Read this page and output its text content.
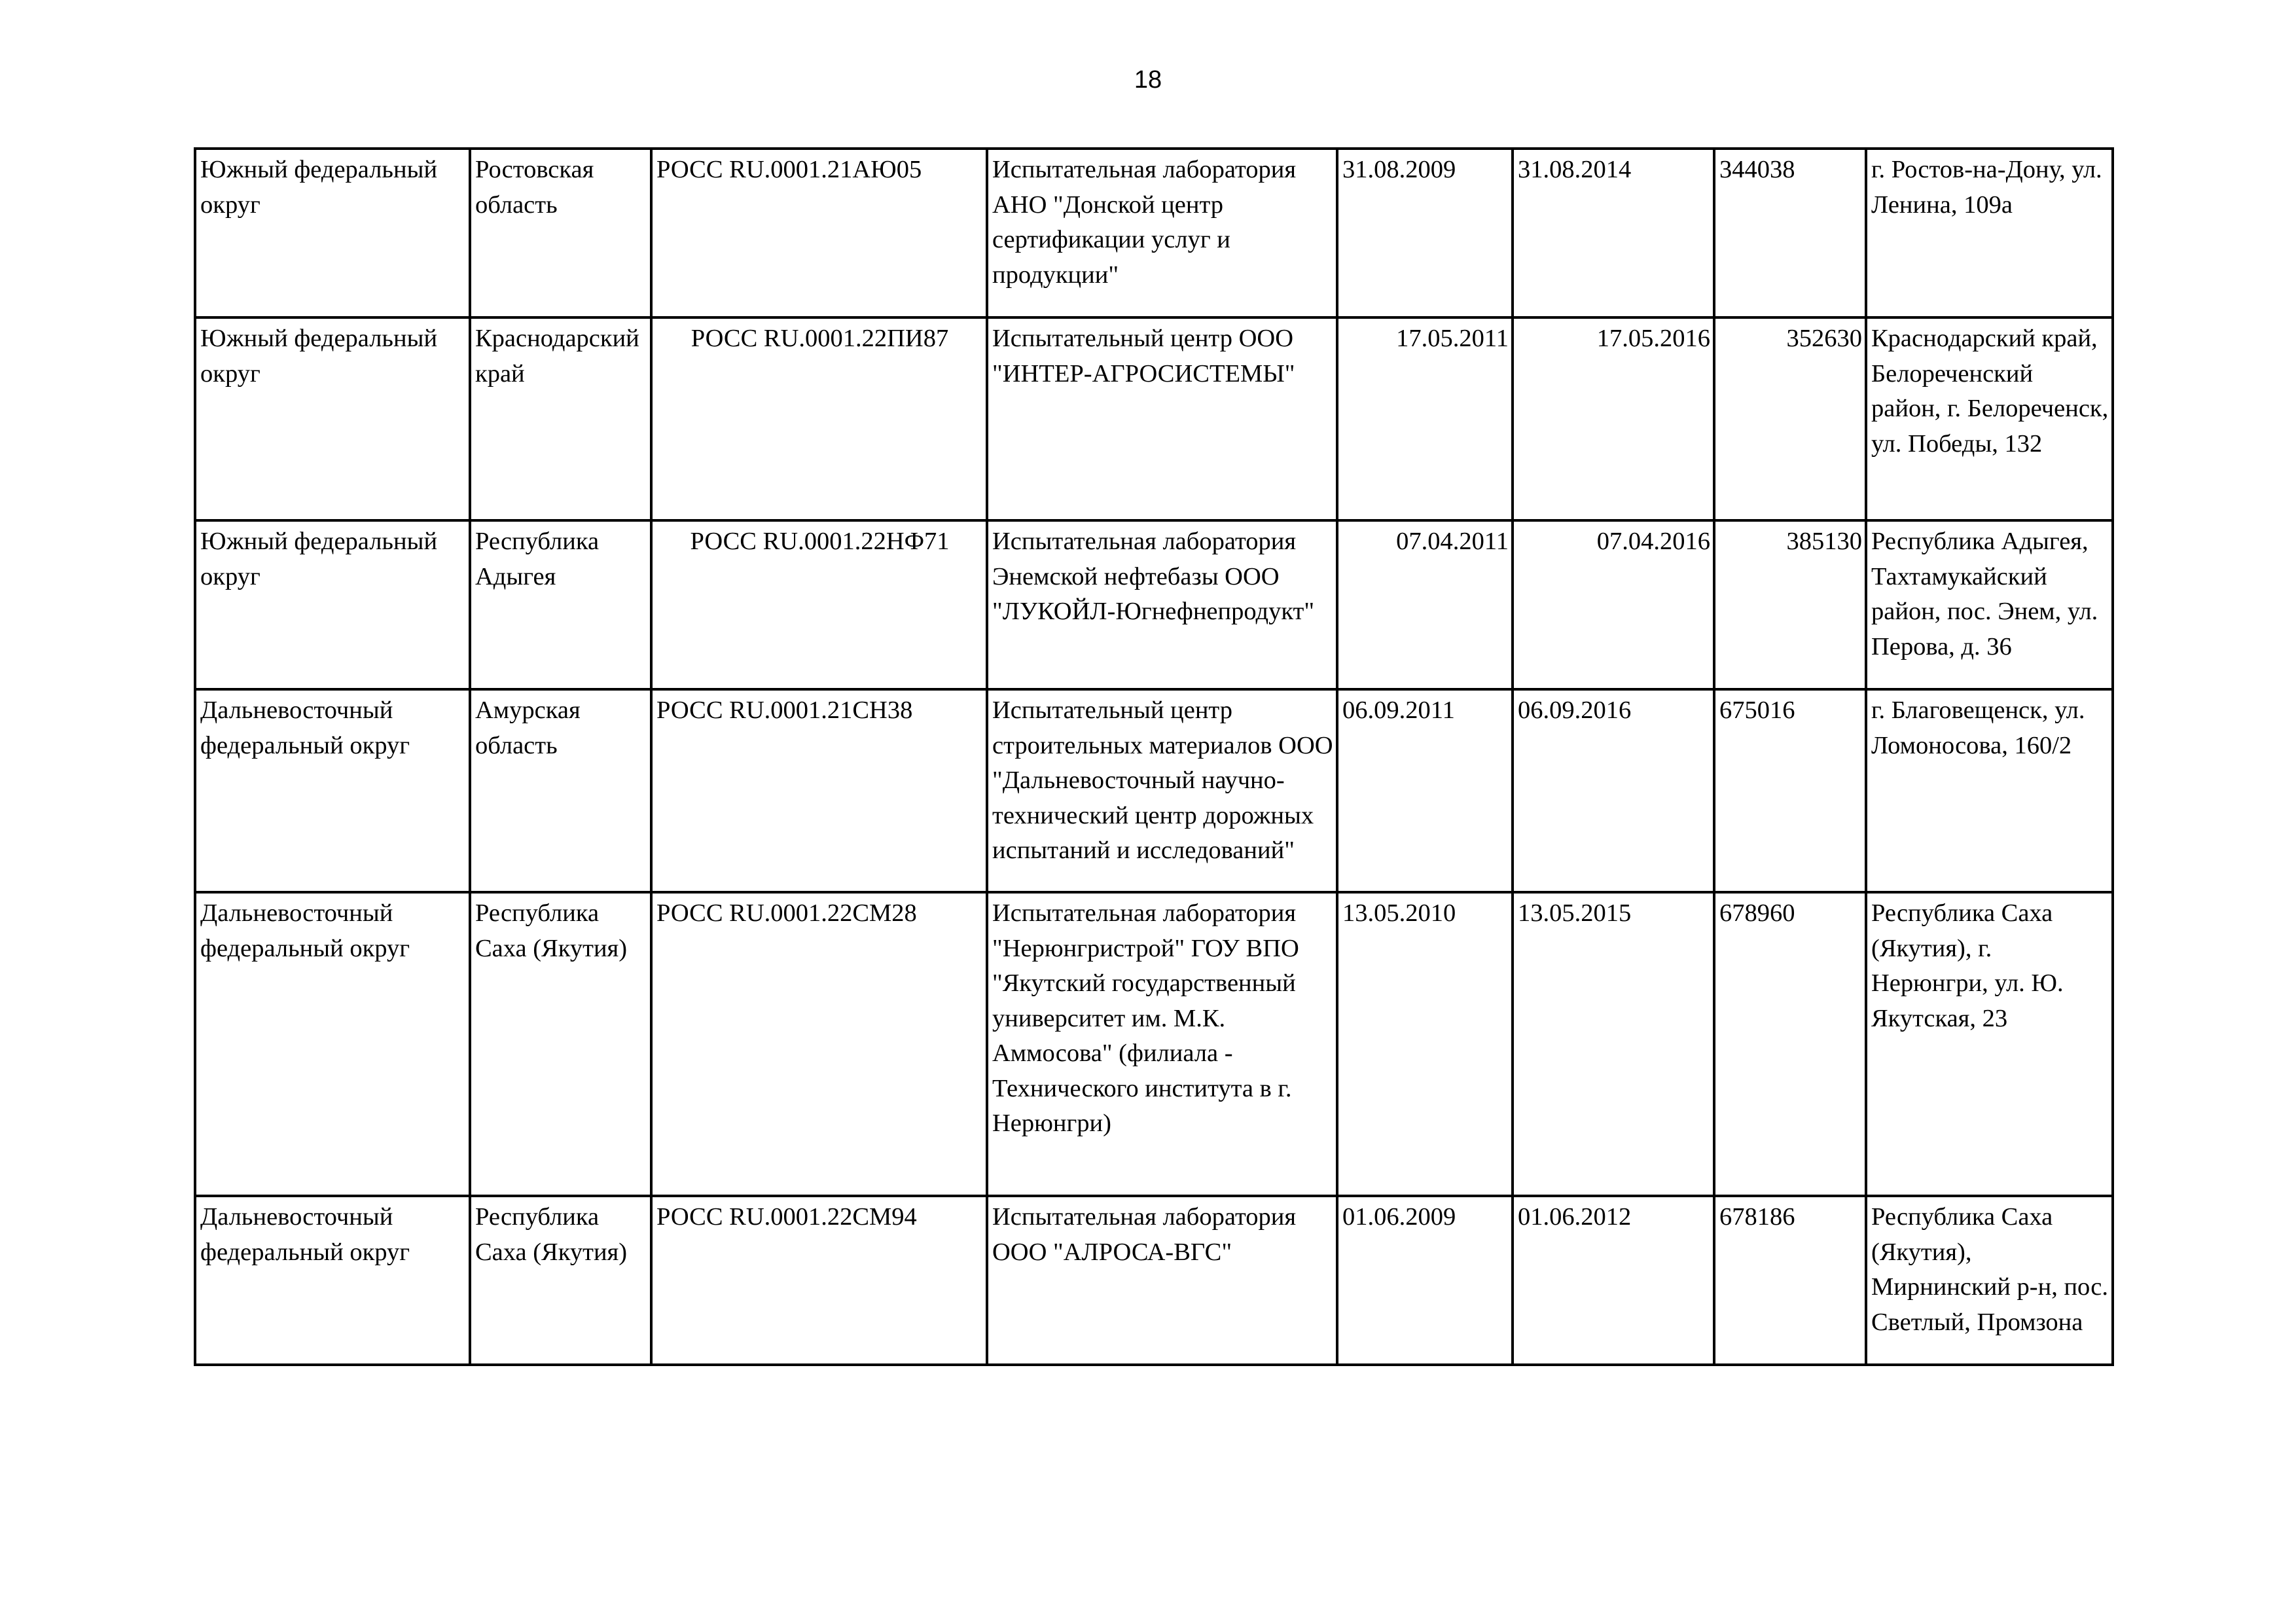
18
Южный федеральный округ	Ростовская область	РОСС RU.0001.21АЮ05	Испытательная лаборатория АНО "Донской центр сертификации услуг и продукции"	31.08.2009	31.08.2014	344038	г. Ростов-на-Дону, ул. Ленина, 109а

Южный федеральный округ	Краснодарский край	РОСС RU.0001.22ПИ87	Испытательный центр ООО "ИНТЕР-АГРОСИСТЕМЫ"	17.05.2011	17.05.2016	352630	Краснодарский край, Белореченский район, г. Белореченск, ул. Победы, 132

Южный федеральный округ	Республика Адыгея	РОСС RU.0001.22НФ71	Испытательная лаборатория Энемской нефтебазы ООО "ЛУКОЙЛ-Югнефнепродукт"	07.04.2011	07.04.2016	385130	Республика Адыгея, Тахтамукайский район, пос. Энем, ул. Перова, д. 36

Дальневосточный федеральный округ	Амурская область	РОСС RU.0001.21СН38	Испытательный центр строительных материалов ООО "Дальневосточный научно-технический центр дорожных испытаний и исследований"	06.09.2011	06.09.2016	675016	г. Благовещенск, ул. Ломоносова, 160/2

Дальневосточный федеральный округ	Республика Саха (Якутия)	РОСС RU.0001.22СМ28	Испытательная лаборатория "Нерюнгристрой" ГОУ ВПО "Якутский государственный университет им. М.К. Аммосова" (филиала - Технического института в г. Нерюнгри)	13.05.2010	13.05.2015	678960	Республика Саха (Якутия), г. Нерюнгри, ул. Ю. Якутская, 23

Дальневосточный федеральный округ	Республика Саха (Якутия)	РОСС RU.0001.22СМ94	Испытательная лаборатория ООО "АЛРОСА-ВГС"	01.06.2009	01.06.2012	678186	Республика Саха (Якутия), Мирнинский р-н, пос. Светлый, Промзона
